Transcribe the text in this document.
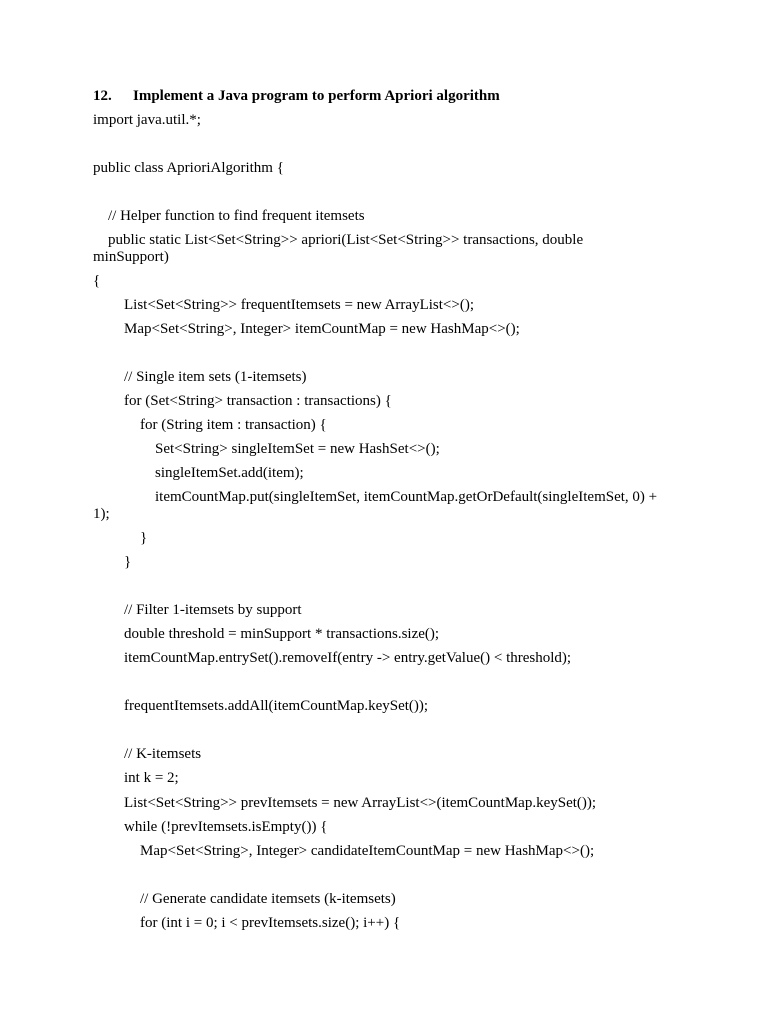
12. Implement a Java program to perform Apriori algorithm
import java.util.*;
public class AprioriAlgorithm {
// Helper function to find frequent itemsets
public static List<Set<String>> apriori(List<Set<String>> transactions, double
minSupport)
{
List<Set<String>> frequentItemsets = new ArrayList<>();
Map<Set<String>, Integer> itemCountMap = new HashMap<>();
// Single item sets (1-itemsets)
for (Set<String> transaction : transactions) {
for (String item : transaction) {
Set<String> singleItemSet = new HashSet<>();
singleItemSet.add(item);
itemCountMap.put(singleItemSet, itemCountMap.getOrDefault(singleItemSet, 0) +
1);
}
}
// Filter 1-itemsets by support
double threshold = minSupport * transactions.size();
itemCountMap.entrySet().removeIf(entry -> entry.getValue() < threshold);
frequentItemsets.addAll(itemCountMap.keySet());
// K-itemsets
int k = 2;
List<Set<String>> prevItemsets = new ArrayList<>(itemCountMap.keySet());
while (!prevItemsets.isEmpty()) {
Map<Set<String>, Integer> candidateItemCountMap = new HashMap<>();
// Generate candidate itemsets (k-itemsets)
for (int i = 0; i < prevItemsets.size(); i++) {
